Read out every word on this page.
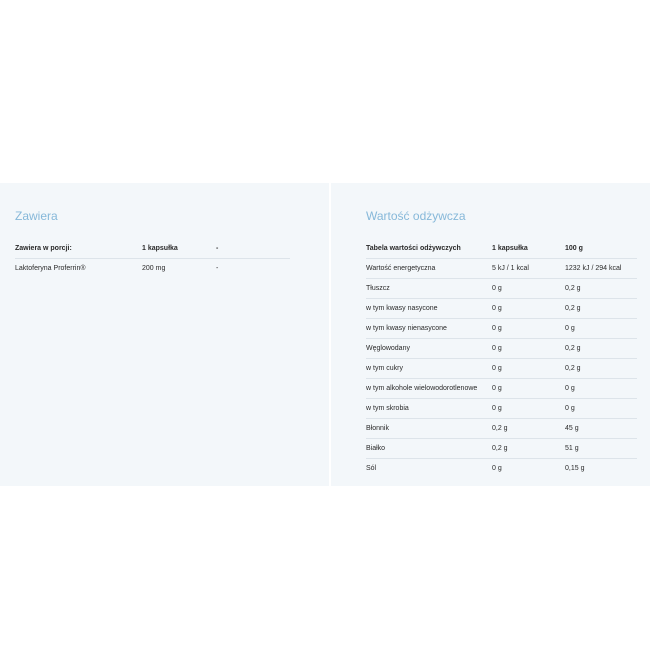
Zawiera
Zawiera w porcji:	1 kapsułka	-
Laktoferyna Proferrin®	200 mg	-
Wartość odżywcza
Tabela wartości odżywczych	1 kapsułka	100 g
Wartość energetyczna	5 kJ / 1 kcal	1232 kJ / 294 kcal
Tłuszcz	0 g	0,2 g
w tym kwasy nasycone	0 g	0,2 g
w tym kwasy nienasycone	0 g	0 g
Węglowodany	0 g	0,2 g
w tym cukry	0 g	0,2 g
w tym alkohole wielowodorotlenowe	0 g	0 g
w tym skrobia	0 g	0 g
Błonnik	0,2 g	45 g
Białko	0,2 g	51 g
Sól	0 g	0,15 g
